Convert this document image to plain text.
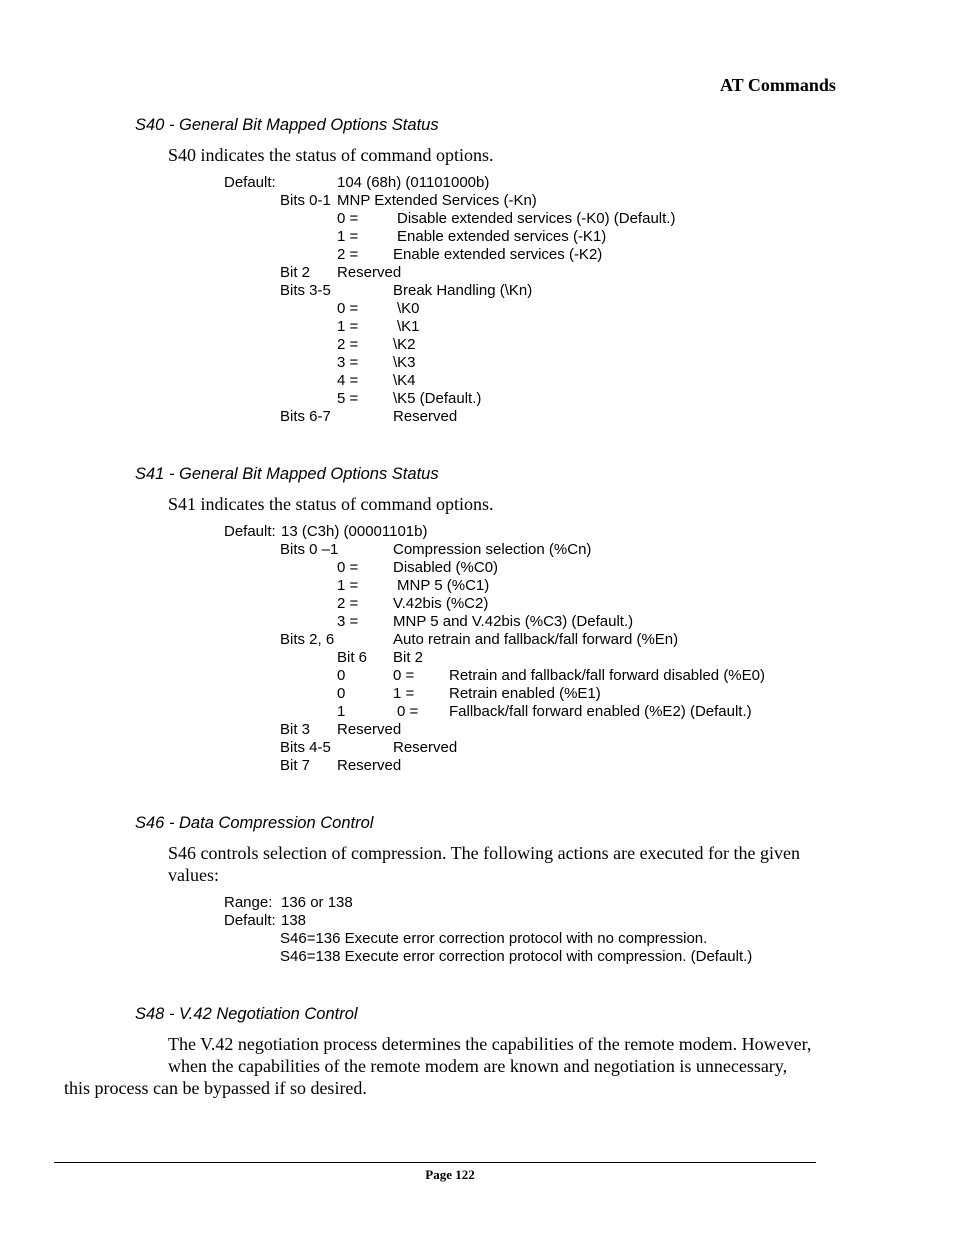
AT Commands
S40 - General Bit Mapped Options Status
S40 indicates the status of command options.
Default:	104 (68h) (01101000b)
Bits 0-1 MNP Extended Services (-Kn)
0 =	Disable extended services (-K0) (Default.)
1 =	Enable extended services (-K1)
2 = Enable extended services (-K2)
Bit 2 Reserved
Bits 3-5	Break Handling (\Kn)
0 =	\K0
1 =	\K1
2 = \K2
3 = \K3
4 = \K4
5 = \K5 (Default.)
Bits 6-7	Reserved
S41 - General Bit Mapped Options Status
S41 indicates the status of command options.
Default: 13 (C3h) (00001101b)
Bits 0 –1	Compression selection (%Cn)
0 = Disabled (%C0)
1 =	MNP 5 (%C1)
2 = V.42bis (%C2)
3 = MNP 5 and V.42bis (%C3) (Default.)
Bits 2, 6	Auto retrain and fallback/fall forward (%En)
Bit 6 Bit 2
0	0 = Retrain and fallback/fall forward disabled (%E0)
0	1 = Retrain enabled (%E1)
1	0 = Fallback/fall forward enabled (%E2) (Default.)
Bit 3 Reserved
Bits 4-5	Reserved
Bit 7 Reserved
S46 - Data Compression Control
S46 controls selection of compression. The following actions are executed for the given
values:
Range: 136 or 138
Default: 138
S46=136 Execute error correction protocol with no compression.
S46=138 Execute error correction protocol with compression. (Default.)
S48 - V.42 Negotiation Control
The V.42 negotiation process determines the capabilities of the remote modem. However,
when the capabilities of the remote modem are known and negotiation is unnecessary,
this process can be bypassed if so desired.
Page 122
